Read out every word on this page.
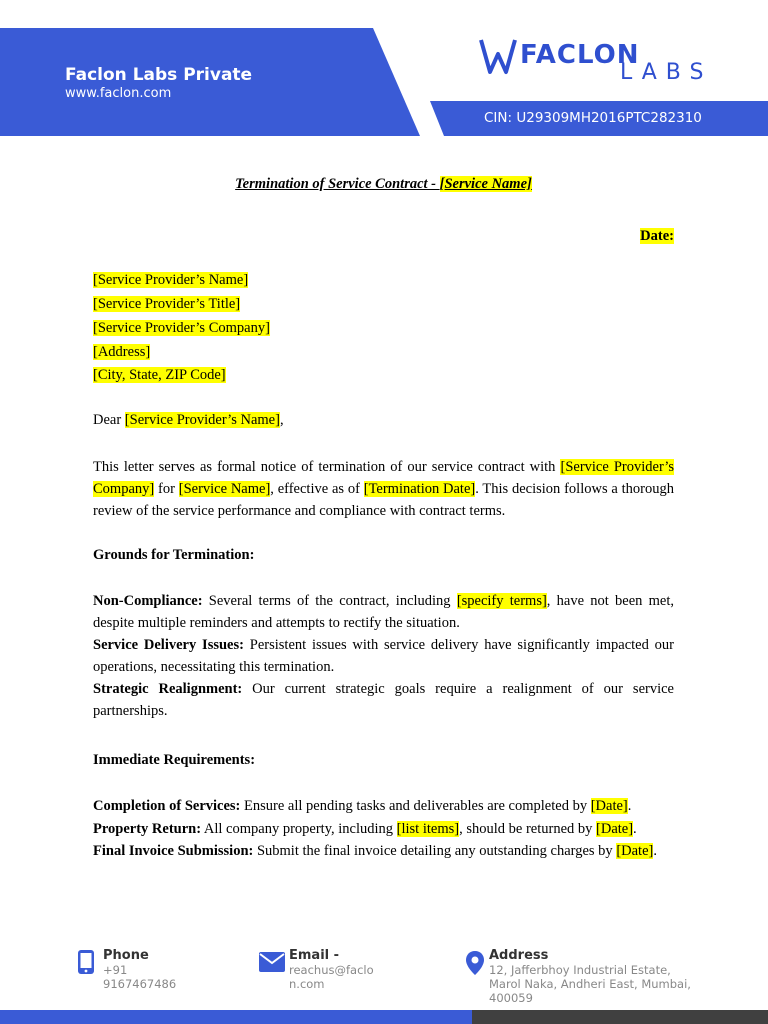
Faclon Labs Private
www.faclon.com
FACLON
LABS
CIN: U29309MH2016PTC282310
Termination of Service Contract - [Service Name]
Date:
[Service Provider’s Name]
[Service Provider’s Title]
[Service Provider’s Company]
[Address]
[City, State, ZIP Code]
Dear [Service Provider’s Name],
This letter serves as formal notice of termination of our service contract with [Service Provider’s Company] for [Service Name], effective as of [Termination Date]. This decision follows a thorough review of the service performance and compliance with contract terms.
Grounds for Termination:
Non-Compliance: Several terms of the contract, including [specify terms], have not been met, despite multiple reminders and attempts to rectify the situation.
Service Delivery Issues: Persistent issues with service delivery have significantly impacted our operations, necessitating this termination.
Strategic Realignment: Our current strategic goals require a realignment of our service partnerships.
Immediate Requirements:
Completion of Services: Ensure all pending tasks and deliverables are completed by [Date].
Property Return: All company property, including [list items], should be returned by [Date].
Final Invoice Submission: Submit the final invoice detailing any outstanding charges by [Date].
Phone
+91 9167467486
Email -
reachus@faclon.com
Address
12, Jafferbhoy Industrial Estate, Marol Naka, Andheri East, Mumbai, 400059
